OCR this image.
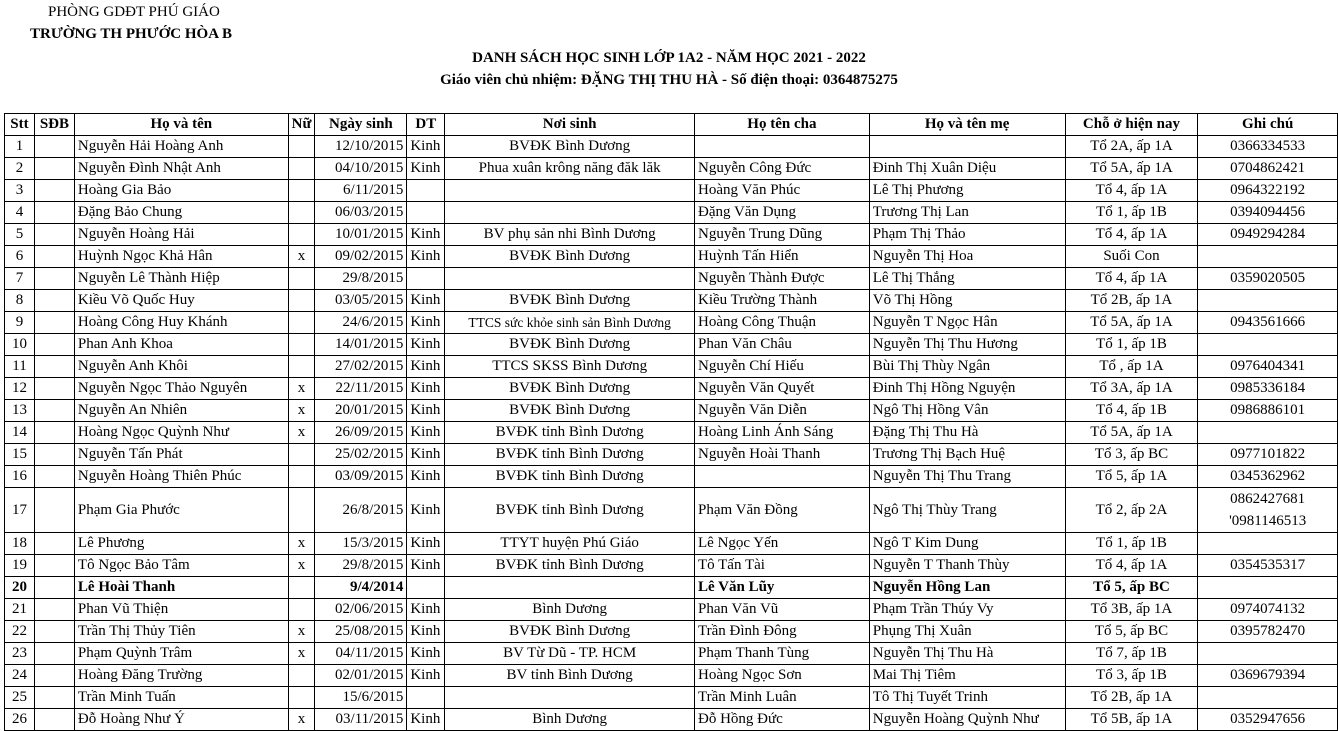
PHÒNG GDĐT PHÚ GIÁO
TRƯỜNG TH PHƯỚC HÒA B
DANH SÁCH HỌC SINH LỚP 1A2 - NĂM HỌC 2021 - 2022
Giáo viên chủ nhiệm: ĐẶNG THỊ THU HÀ - Số điện thoại: 0364875275
Stt	SĐB	Họ và tên	Nữ	Ngày sinh	DT	Nơi sinh	Họ tên cha	Họ và tên mẹ	Chỗ ở hiện nay	Ghi chú
1		Nguyễn Hải Hoàng Anh		12/10/2015	Kinh	BVĐK Bình Dương			Tổ 2A, ấp 1A	0366334533
2		Nguyễn Đình Nhật Anh		04/10/2015	Kinh	Phua xuân krông năng đăk lăk	Nguyễn Công Đức	Đinh Thị Xuân Diệu	Tổ 5A, ấp 1A	0704862421
3		Hoàng Gia Bảo		6/11/2015			Hoàng Văn Phúc	Lê Thị Phương	Tổ 4, ấp 1A	0964322192
4		Đặng Bảo Chung		06/03/2015			Đặng Văn Dụng	Trương Thị Lan	Tổ 1, ấp 1B	0394094456
5		Nguyễn Hoàng Hải		10/01/2015	Kinh	BV phụ sản nhi Bình Dương	Nguyễn Trung Dũng	Phạm Thị Thảo	Tổ 4, ấp 1A	0949294284
6		Huỳnh Ngọc Khả Hân	x	09/02/2015	Kinh	BVĐK Bình Dương	Huỳnh Tấn Hiển	Nguyễn Thị Hoa	Suối Con	
7		Nguyễn Lê Thành Hiệp		29/8/2015			Nguyễn Thành Được	Lê Thị Thắng	Tổ 4, ấp 1A	0359020505
8		Kiều Võ Quốc Huy		03/05/2015	Kinh	BVĐK Bình Dương	Kiều Trường Thành	Võ Thị Hồng	Tổ 2B, ấp 1A	
9		Hoàng Công Huy Khánh		24/6/2015	Kinh	TTCS sức khỏe sinh sản Bình Dương	Hoàng Công Thuận	Nguyễn T Ngọc Hân	Tổ 5A, ấp 1A	0943561666
10		Phan Anh Khoa		14/01/2015	Kinh	BVĐK Bình Dương	Phan Văn Châu	Nguyễn Thị Thu Hương	Tổ 1, ấp 1B	
11		Nguyễn Anh Khôi		27/02/2015	Kinh	TTCS SKSS Bình Dương	Nguyễn Chí Hiếu	Bùi Thị Thùy Ngân	Tổ , ấp 1A	0976404341
12		Nguyễn Ngọc Thảo Nguyên	x	22/11/2015	Kinh	BVĐK Bình Dương	Nguyễn Văn Quyết	Đinh Thị Hồng Nguyện	Tổ 3A, ấp 1A	0985336184
13		Nguyễn An Nhiên	x	20/01/2015	Kinh	BVĐK Bình Dương	Nguyễn Văn Diễn	Ngô Thị Hồng Vân	Tổ 4, ấp 1B	0986886101
14		Hoàng Ngọc Quỳnh Như	x	26/09/2015	Kinh	BVĐK tỉnh Bình Dương	Hoàng Linh Ánh Sáng	Đặng Thị Thu Hà	Tổ 5A, ấp 1A	
15		Nguyễn Tấn Phát		25/02/2015	Kinh	BVĐK tỉnh Bình Dương	Nguyễn Hoài Thanh	Trương Thị Bạch Huệ	Tổ 3, ấp BC	0977101822
16		Nguyễn Hoàng Thiên Phúc		03/09/2015	Kinh	BVĐK tỉnh Bình Dương		Nguyễn Thị Thu Trang	Tổ 5, ấp 1A	0345362962
17		Phạm Gia Phước		26/8/2015	Kinh	BVĐK tỉnh Bình Dương	Phạm Văn Đồng	Ngô Thị Thùy Trang	Tổ 2, ấp 2A	0862427681
'0981146513

18		Lê Phương	x	15/3/2015	Kinh	TTYT huyện Phú Giáo	Lê Ngọc Yến	Ngô T Kim Dung	Tổ 1, ấp 1B	
19		Tô Ngọc Bảo Tâm	x	29/8/2015	Kinh	BVĐK tỉnh Bình Dương	Tô Tấn Tài	Nguyễn T Thanh Thùy	Tổ 4, ấp 1A	0354535317
20		Lê Hoài Thanh		9/4/2014			Lê Văn Lũy	Nguyễn Hồng Lan	Tổ 5, ấp BC	
21		Phan Vũ Thiện		02/06/2015	Kinh	Bình Dương	Phan Văn Vũ	Phạm Trần Thúy Vy	Tổ 3B, ấp 1A	0974074132
22		Trần Thị Thủy Tiên	x	25/08/2015	Kinh	BVĐK Bình Dương	Trần Đình Đông	Phụng Thị Xuân	Tổ 5, ấp BC	0395782470
23		Phạm Quỳnh Trâm	x	04/11/2015	Kinh	BV Từ Dũ - TP. HCM	Phạm Thanh Tùng	Nguyễn Thị Thu Hà	Tổ 7, ấp 1B	
24		Hoàng Đăng Trường		02/01/2015	Kinh	BV tỉnh Bình Dương	Hoàng Ngọc Sơn	Mai Thị Tiêm	Tổ 3, ấp 1B	0369679394
25		Trần Minh Tuấn		15/6/2015			Trần Minh Luân	Tô Thị Tuyết Trinh	Tổ 2B, ấp 1A	
26		Đỗ Hoàng Như Ý	x	03/11/2015	Kinh	Bình Dương	Đỗ Hồng Đức	Nguyễn Hoàng Quỳnh Như	Tổ 5B, ấp 1A	0352947656
